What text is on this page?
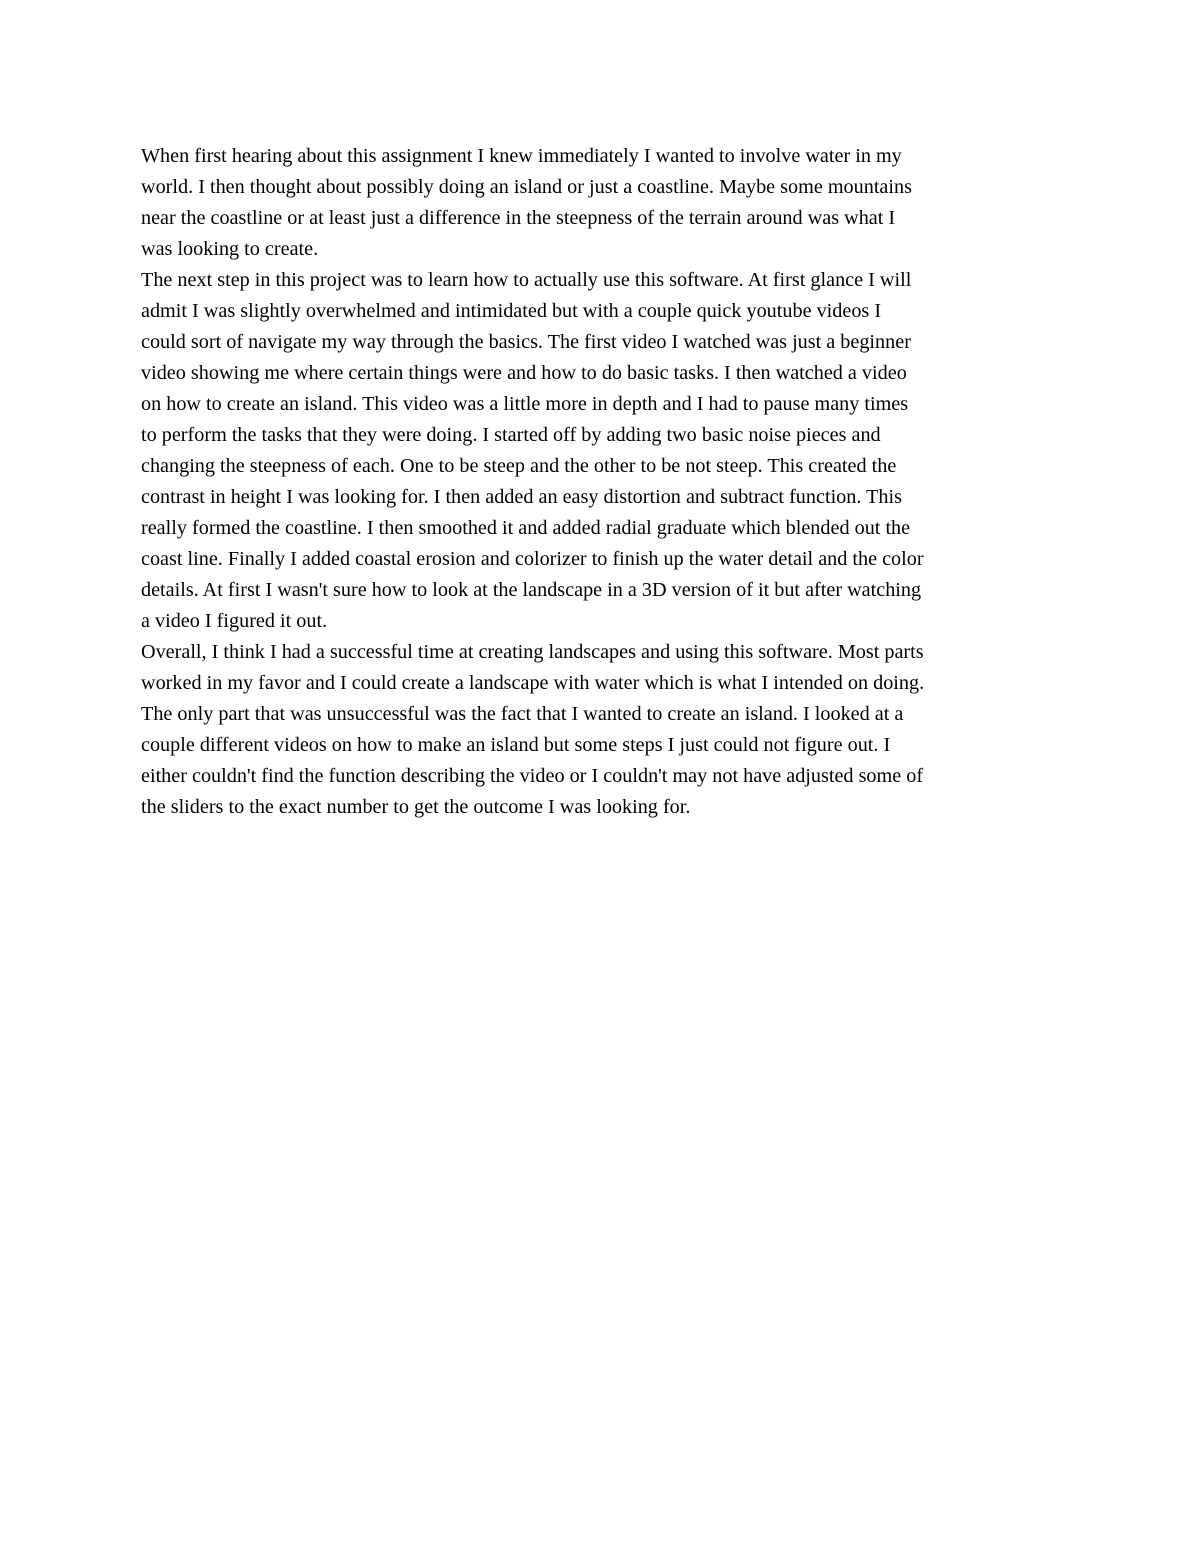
When first hearing about this assignment I knew immediately I wanted to involve water in my
world. I then thought about possibly doing an island or just a coastline. Maybe some mountains
near the coastline or at least just a difference in the steepness of the terrain around was what I
was looking to create.
The next step in this project was to learn how to actually use this software. At first glance I will
admit I was slightly overwhelmed and intimidated but with a couple quick youtube videos I
could sort of navigate my way through the basics. The first video I watched was just a beginner
video showing me where certain things were and how to do basic tasks. I then watched a video
on how to create an island. This video was a little more in depth and I had to pause many times
to perform the tasks that they were doing. I started off by adding two basic noise pieces and
changing the steepness of each. One to be steep and the other to be not steep. This created the
contrast in height I was looking for. I then added an easy distortion and subtract function. This
really formed the coastline. I then smoothed it and added radial graduate which blended out the
coast line. Finally I added coastal erosion and colorizer to finish up the water detail and the color
details. At first I wasn't sure how to look at the landscape in a 3D version of it but after watching
a video I figured it out.
Overall, I think I had a successful time at creating landscapes and using this software. Most parts
worked in my favor and I could create a landscape with water which is what I intended on doing.
The only part that was unsuccessful was the fact that I wanted to create an island. I looked at a
couple different videos on how to make an island but some steps I just could not figure out. I
either couldn't find the function describing the video or I couldn't may not have adjusted some of
the sliders to the exact number to get the outcome I was looking for.
